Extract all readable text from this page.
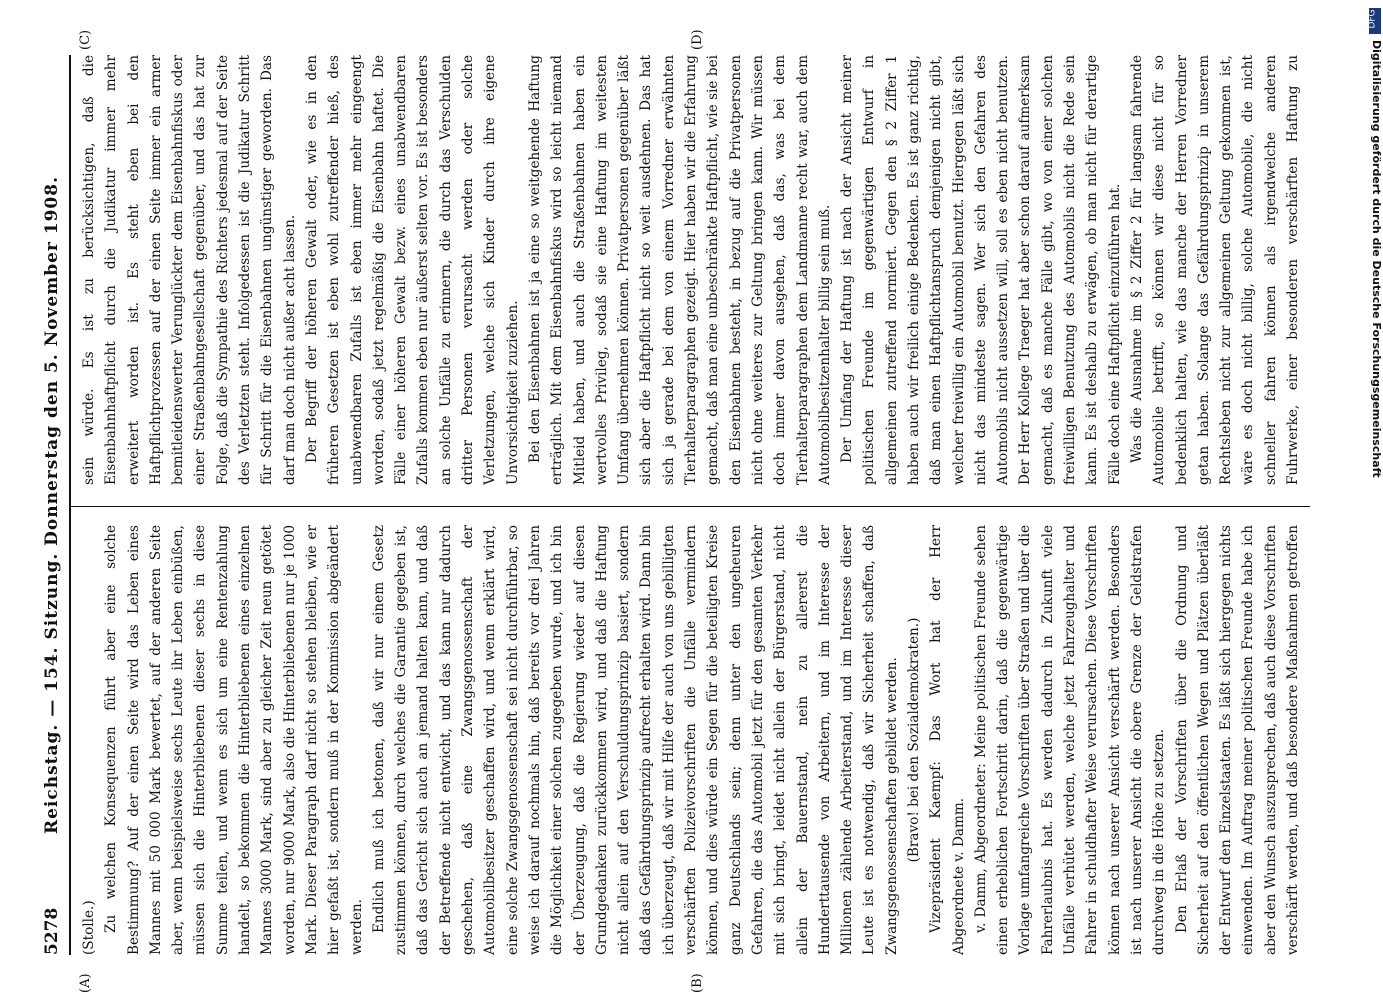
5278
Reichstag. — 154. Sitzung. Donnerstag den 5. November 1908.
(A)	(B)
(C)	(D)

(Stolle.) Zu welchen Konsequenzen führt aber eine solche Bestimmung? Auf der einen Seite wird das Leben eines Mannes mit 50 000 Mark bewertet, auf der anderen Seite aber, wenn beispielsweise sechs Leute ihr Leben einbüßen, müssen sich die Hinterbliebenen dieser sechs in diese Summe teilen, und wenn es sich um eine Rentenzahlung handelt, so bekommen die Hinterbliebenen eines einzelnen Mannes 3000 Mark, sind aber zu gleicher Zeit neun getötet worden, nur 9000 Mark, also die Hinterbliebenen nur je 1000 Mark. Dieser Paragraph darf nicht so stehen bleiben, wie er hier gefaßt ist, sondern muß in der Kommission abgeändert werden. Endlich muß ich betonen, daß wir nur einem Gesetz zustimmen können, durch welches die Garantie gegeben ist, daß das Gericht sich auch an jemand halten kann, und daß der Betreffende nicht entwicht, und das kann nur dadurch geschehen, daß eine Zwangsgenossenschaft der Automobilbesitzer geschaffen wird, und wenn erklärt wird, eine solche Zwangsgenossenschaft sei nicht durchführbar, so weise ich darauf nochmals hin, daß bereits vor drei Jahren die Möglichkeit einer solchen zugegeben wurde, und ich bin der Überzeugung, daß die Regierung wieder auf diesen Grundgedanken zurückkommen wird, und daß die Haftung nicht allein auf den Verschuldungsprinzip basiert, sondern daß das Gefährdungsprinzip aufrecht erhalten wird. Dann bin ich überzeugt, daß wir mit Hilfe der auch von uns gebilligten verschärften Polizeivorschriften die Unfälle vermindern können, und dies würde ein Segen für die beteiligten Kreise ganz Deutschlands sein; denn unter den ungeheuren Gefahren, die das Automobil jetzt für den gesamten Verkehr mit sich bringt, leidet nicht allein der Bürgerstand, nicht allein der Bauernstand, nein zu allererst die Hunderttausende von Arbeitern, und im Interesse der Millionen zählende Arbeiterstand, und im Interesse dieser Leute ist es notwendig, daß wir Sicherheit schaffen, daß Zwangsgenossenschaften gebildet werden. (Bravo! bei den Sozialdemokraten.) Vizepräsident Kaempf: Das Wort hat der Herr Abgeordnete v. Damm. v. Damm, Abgeordneter: Meine politischen Freunde sehen einen erheblichen Fortschritt darin, daß die gegenwärtige Vorlage umfangreiche Vorschriften über Straßen und über die Fahrerlaubnis hat. Es werden dadurch in Zukunft viele Unfälle verhütet werden, welche jetzt Fahrzeughalter und Fahrer in schuldhafter Weise verursachen. Diese Vorschriften können nach unserer Ansicht verschärft werden. Besonders ist nach unserer Ansicht die obere Grenze der Geldstrafen durchweg in die Höhe zu setzen. Den Erlaß der Vorschriften über die Ordnung und Sicherheit auf den öffentlichen Wegen und Plätzen überläßt der Entwurf den Einzelstaaten. Es läßt sich hiergegen nichts einwenden. Im Auftrag meiner politischen Freunde habe ich aber den Wunsch auszusprechen, daß auch diese Vorschriften verschärft werden, und daß besondere Maßnahmen getroffen

sein würde. Es ist zu berücksichtigen, daß die Eisenbahnhaftpflicht durch die Judikatur immer mehr erweitert worden ist. Es steht eben bei den Haftpflichtprozessen auf der einen Seite immer ein armer bemitleidenswerter Verunglückter dem Eisenbahnfiskus oder einer Straßenbahngesellschaft gegenüber, und das hat zur Folge, daß die Sympathie des Richters jedesmal auf der Seite des Verletzten steht. Infolgedessen ist die Judikatur Schritt für Schritt für die Eisenbahnen ungünstiger geworden. Das darf man doch nicht außer acht lassen. Der Begriff der höheren Gewalt oder, wie es in den früheren Gesetzen ist eben wohl zutreffender hieß, des unabwendbaren Zufalls ist eben immer mehr eingeengt worden, sodaß jetzt regelmäßig die Eisenbahn haftet. Die Fälle einer höheren Gewalt bezw. eines unabwendbaren Zufalls kommen eben nur äußerst selten vor. Es ist besonders an solche Unfälle zu erinnern, die durch das Verschulden dritter Personen verursacht werden oder solche Verletzungen, welche sich Kinder durch ihre eigene Unvorsichtigkeit zuziehen. Bei den Eisenbahnen ist ja eine so weitgehende Haftung erträglich. Mit dem Eisenbahnfiskus wird so leicht niemand Mitleid haben, und auch die Straßenbahnen haben ein wertvolles Privileg, sodaß sie eine Haftung im weitesten Umfang übernehmen können. Privatpersonen gegenüber läßt sich aber die Haftpflicht nicht so weit ausdehnen. Das hat sich ja gerade bei dem von einem Vorredner erwähnten Tierhalterparagraphen gezeigt. Hier haben wir die Erfahrung gemacht, daß man eine unbeschränkte Haftpflicht, wie sie bei den Eisenbahnen besteht, in bezug auf die Privatpersonen nicht ohne weiteres zur Geltung bringen kann. Wir müssen doch immer davon ausgehen, daß das, was bei dem Tierhalterparagraphen dem Landmanne recht war, auch dem Automobilbesitzenhalter billig sein muß. Der Umfang der Haftung ist nach der Ansicht meiner politischen Freunde im gegenwärtigen Entwurf in allgemeinen zutreffend normiert. Gegen den § 2 Ziffer 1 haben auch wir freilich einige Bedenken. Es ist ganz richtig, daß man einen Haftpflichtanspruch demjenigen nicht gibt, welcher freiwillig ein Automobil benutzt. Hiergegen läßt sich nicht das mindeste sagen. Wer sich den Gefahren des Automobils nicht aussetzen will, soll es eben nicht benutzen. Der Herr Kollege Traeger hat aber schon darauf aufmerksam gemacht, daß es manche Fälle gibt, wo von einer solchen freiwilligen Benutzung des Automobils nicht die Rede sein kann. Es ist deshalb zu erwägen, ob man nicht für derartige Fälle doch eine Haftpflicht einzuführen hat. Was die Ausnahme im § 2 Ziffer 2 für langsam fahrende Automobile betrifft, so können wir diese nicht für so bedenklich halten, wie das manche der Herren Vorredner getan haben. Solange das Gefährdungsprinzip in unserem Rechtsleben nicht zur allgemeinen Geltung gekommen ist, wäre es doch nicht billig, solche Automobile, die nicht schneller fahren können als irgendwelche anderen Fuhrwerke, einer besonderen verschärften Haftung zu

DFG
Digitalisierung gefördert durch die Deutsche Forschungsgemeinschaft
